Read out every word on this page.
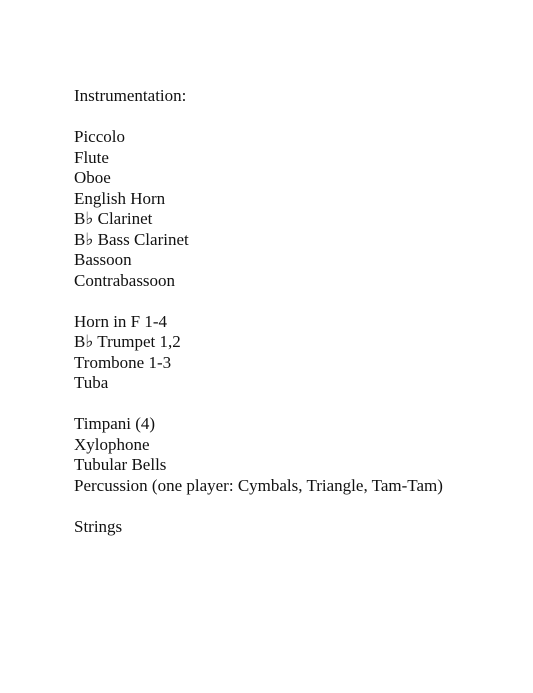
Instrumentation:
Piccolo
Flute
Oboe
English Horn
B♭ Clarinet
B♭ Bass Clarinet
Bassoon
Contrabassoon
Horn in F 1-4
B♭ Trumpet 1,2
Trombone 1-3
Tuba
Timpani (4)
Xylophone
Tubular Bells
Percussion (one player: Cymbals, Triangle, Tam-Tam)
Strings
